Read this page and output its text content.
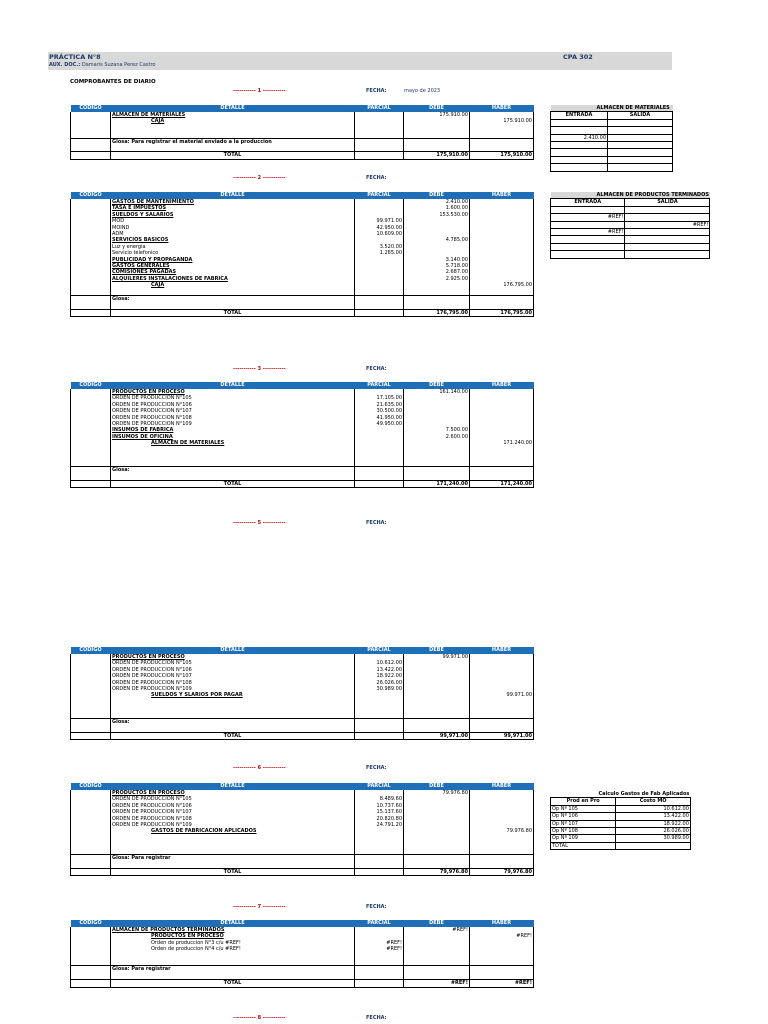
PRÁCTICA N°8
AUX. DOC.: Damaris Suzana Perez Castro
CPA 302
COMPROBANTES DE DIARIO
----------- 1 -----------	FECHA:	mayo de 2023
CODIGO	DETALLE	PARCIAL	DEBE	HABER
	ALMACEN DE MATERIALES		175.910.00	
	CAJA			175.910.00

	Glosa: Para registrar el material enviado a la produccion			

	TOTAL		175,910.00	175,910.00
----------- 2 -----------	FECHA:
CODIGO	DETALLE	PARCIAL	DEBE	HABER
	GASTOS DE MANTENIMIENTO		2.410.00	
	TASA E IMPUESTOS		1.600.00	
	SUELDOS Y SALARIOS		153.530.00	
	MOD	99.971.00		
	MOIND	42.950.00		
	ADM	10.609.00		
	SERVICIOS BASICOS		4.785.00	
	Luz y energia	3.520.00		
	Servicio telefonico	1.265.00		
	PUBLICIDAD Y PROPAGANDA		3.140.00	
	GASTOS GENERALES		5.718.00	
	COMISIONES PAGADAS		2.687.00	
	ALQUILERES INSTALACIONES DE FABRICA		2.925.00	
	CAJA			176.795.00

	Glosa:			

	TOTAL		176,795.00	176,795.00
----------- 3 -----------	FECHA:
CODIGO	DETALLE	PARCIAL	DEBE	HABER
	PRODUCTOS EN PROCESO		161.140.00	
	ORDEN DE PRODUCCION N°105	17.105.00		
	ORDEN DE PRODUCCION N°106	21.635.00		
	ORDEN DE PRODUCCION N°107	30.500.00		
	ORDEN DE PRODUCCION N°108	41.950.00		
	ORDEN DE PRODUCCION N°109	49.950.00		
	INSUMOS DE FABRICA		7.500.00	
	INSUMOS DE OFICINA		2.600.00	
	ALMACEN DE MATERIALES			171.240.00

	Glosa:			

	TOTAL		171,240.00	171,240.00
----------- 5 -----------	FECHA:
CODIGO	DETALLE	PARCIAL	DEBE	HABER
	PRODUCTOS EN PROCESO		99.971.00	
	ORDEN DE PRODUCCION N°105	10.612.00		
	ORDEN DE PRODUCCION N°106	13.422.00		
	ORDEN DE PRODUCCION N°107	18.922.00		
	ORDEN DE PRODUCCION N°108	26.026.00		
	ORDEN DE PRODUCCION N°109	30.989.00		
	SUELDOS Y SLARIOS POR PAGAR			99.971.00

	Glosa:			

	TOTAL		99,971.00	99,971.00
----------- 6 -----------	FECHA:
CODIGO	DETALLE	PARCIAL	DEBE	HABER
	PRODUCTOS EN PROCESO		79.976.80	
	ORDEN DE PRODUCCION N°105	8.489.60		
	ORDEN DE PRODUCCION N°106	10.737.60		
	ORDEN DE PRODUCCION N°107	15.137.60		
	ORDEN DE PRODUCCION N°108	20.820.80		
	ORDEN DE PRODUCCION N°109	24.791.20		
	GASTOS DE FABRICACION APLICADOS			79.976.80

	Glosa: Para registrar			

	TOTAL		79,976.80	79,976.80
----------- 7 -----------	FECHA:
CODIGO	DETALLE	PARCIAL	DEBE	HABER
	ALMACEN DE PRODUCTOS TERMINADOS		#REF!	
	PRODUCTOS EN PROCESO			#REF!
	Orden de produccion N°3 c/u #REF!	#REF!		
	Orden de produccion N°4 c/u #REF!	#REF!		

	Glosa: Para registrar			

	TOTAL		#REF!	#REF!
----------- 8 -----------	FECHA:
ALMACÉN DE MATERIALES	
ENTRADA	SALIDA

2.410.00	

ALMACEN DE PRODUCTOS TERMINADOS	
ENTRADA	SALIDA

#REF!	
	#REF!
#REF!	

Calculo Gastos de Fab Aplicados	
Prod en Pro	Costo MO
Op Nº 105	10.612.00
Op Nº 106	13.422.00
Op Nº 107	18.922.00
Op Nº 108	26.026.00
Op Nº 109	30.989.00
TOTAL	
